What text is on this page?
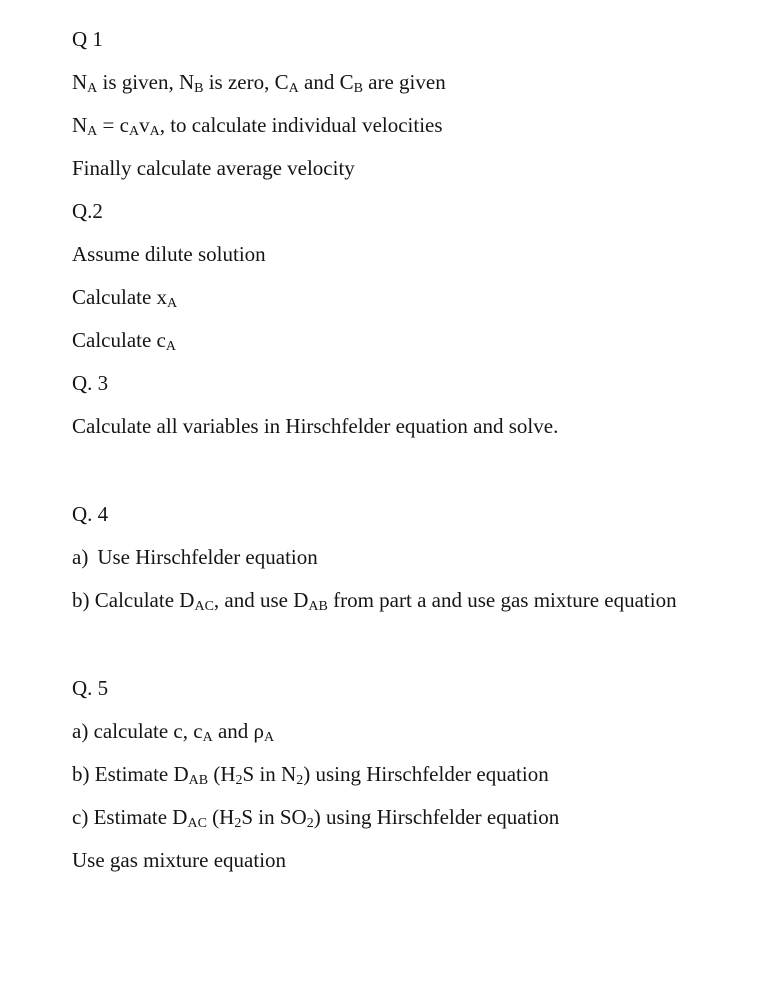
Q 1
$N_A$ is given, $N_B$ is zero, $C_A$ and $C_B$ are given
$N_A = c_Av_A$, to calculate individual velocities
Finally calculate average velocity
Q.2
Assume dilute solution
Calculate $x_A$
Calculate $c_A$
Q. 3
Calculate all variables in Hirschfelder equation and solve.
Q. 4
a) Use Hirschfelder equation
b) Calculate $D_{AC}$, and use $D_{AB}$ from part a and use gas mixture equation
Q. 5
a) calculate c, $c_A$ and $\rho_A$
b) Estimate $D_{AB}$ ($H_2S$ in $N_2$) using Hirschfelder equation
c) Estimate $D_{AC}$ ($H_2S$ in $SO_2$) using Hirschfelder equation
Use gas mixture equation
